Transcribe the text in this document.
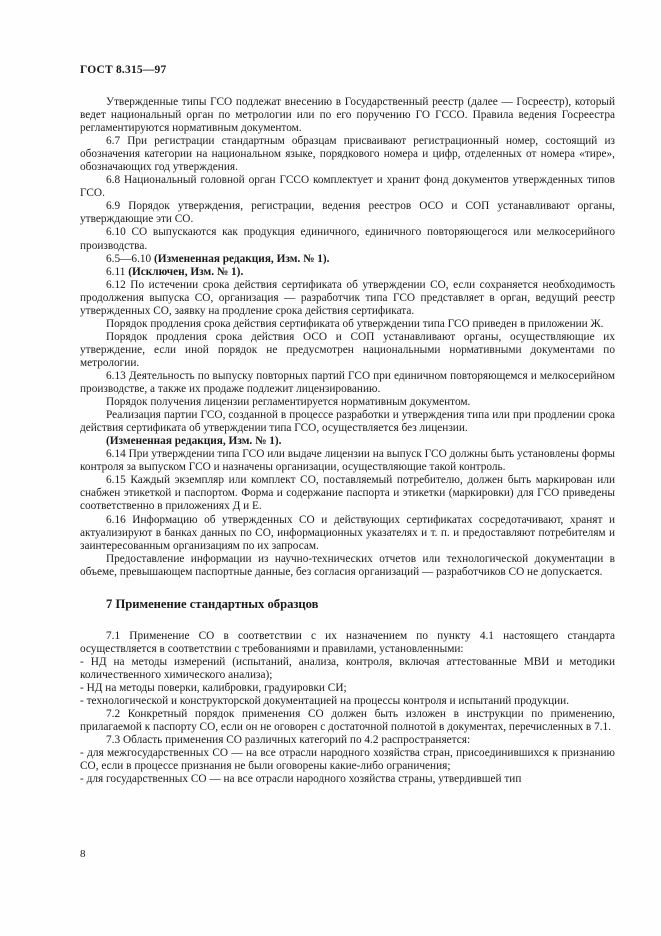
ГОСТ 8.315—97

Утвержденные типы ГСО подлежат внесению в Государственный реестр (далее — Госреестр), который ведет национальный орган по метрологии или по его поручению ГО ГССО. Правила ведения Госреестра регламентируются нормативным документом.

6.7 При регистрации стандартным образцам присваивают регистрационный номер, состоящий из обозначения категории на национальном языке, порядкового номера и цифр, отделенных от номера «тире», обозначающих год утверждения.

6.8 Национальный головной орган ГССО комплектует и хранит фонд документов утвержденных типов ГСО.

6.9 Порядок утверждения, регистрации, ведения реестров ОСО и СОП устанавливают органы, утверждающие эти СО.

6.10 СО выпускаются как продукция единичного, единичного повторяющегося или мелкосерийного производства.

6.5—6.10 (Измененная редакция, Изм. № 1).

6.11 (Исключен, Изм. № 1).

6.12 По истечении срока действия сертификата об утверждении СО, если сохраняется необходимость продолжения выпуска СО, организация — разработчик типа ГСО представляет в орган, ведущий реестр утвержденных СО, заявку на продление срока действия сертификата.

Порядок продления срока действия сертификата об утверждении типа ГСО приведен в приложении Ж.

Порядок продления срока действия ОСО и СОП устанавливают органы, осуществляющие их утверждение, если иной порядок не предусмотрен национальными нормативными документами по метрологии.

6.13 Деятельность по выпуску повторных партий ГСО при единичном повторяющемся и мелкосерийном производстве, а также их продаже подлежит лицензированию.

Порядок получения лицензии регламентируется нормативным документом.

Реализация партии ГСО, созданной в процессе разработки и утверждения типа или при продлении срока действия сертификата об утверждении типа ГСО, осуществляется без лицензии.

(Измененная редакция, Изм. № 1).

6.14 При утверждении типа ГСО или выдаче лицензии на выпуск ГСО должны быть установлены формы контроля за выпуском ГСО и назначены организации, осуществляющие такой контроль.

6.15 Каждый экземпляр или комплект СО, поставляемый потребителю, должен быть маркирован или снабжен этикеткой и паспортом. Форма и содержание паспорта и этикетки (маркировки) для ГСО приведены соответственно в приложениях Д и Е.

6.16 Информацию об утвержденных СО и действующих сертификатах сосредотачивают, хранят и актуализируют в банках данных по СО, информационных указателях и т. п. и предоставляют потребителям и заинтересованным организациям по их запросам.

Предоставление информации из научно-технических отчетов или технологической документации в объеме, превышающем паспортные данные, без согласия организаций — разработчиков СО не допускается.

7 Применение стандартных образцов

7.1 Применение СО в соответствии с их назначением по пункту 4.1 настоящего стандарта осуществляется в соответствии с требованиями и правилами, установленными:

- НД на методы измерений (испытаний, анализа, контроля, включая аттестованные МВИ и методики количественного химического анализа);

- НД на методы поверки, калибровки, градуировки СИ;

- технологической и конструкторской документацией на процессы контроля и испытаний продукции.

7.2 Конкретный порядок применения СО должен быть изложен в инструкции по применению, прилагаемой к паспорту СО, если он не оговорен с достаточной полнотой в документах, перечисленных в 7.1.

7.3 Область применения СО различных категорий по 4.2 распространяется:

- для межгосударственных СО — на все отрасли народного хозяйства стран, присоединившихся к признанию СО, если в процессе признания не были оговорены какие-либо ограничения;

- для государственных СО — на все отрасли народного хозяйства страны, утвердившей тип

8
